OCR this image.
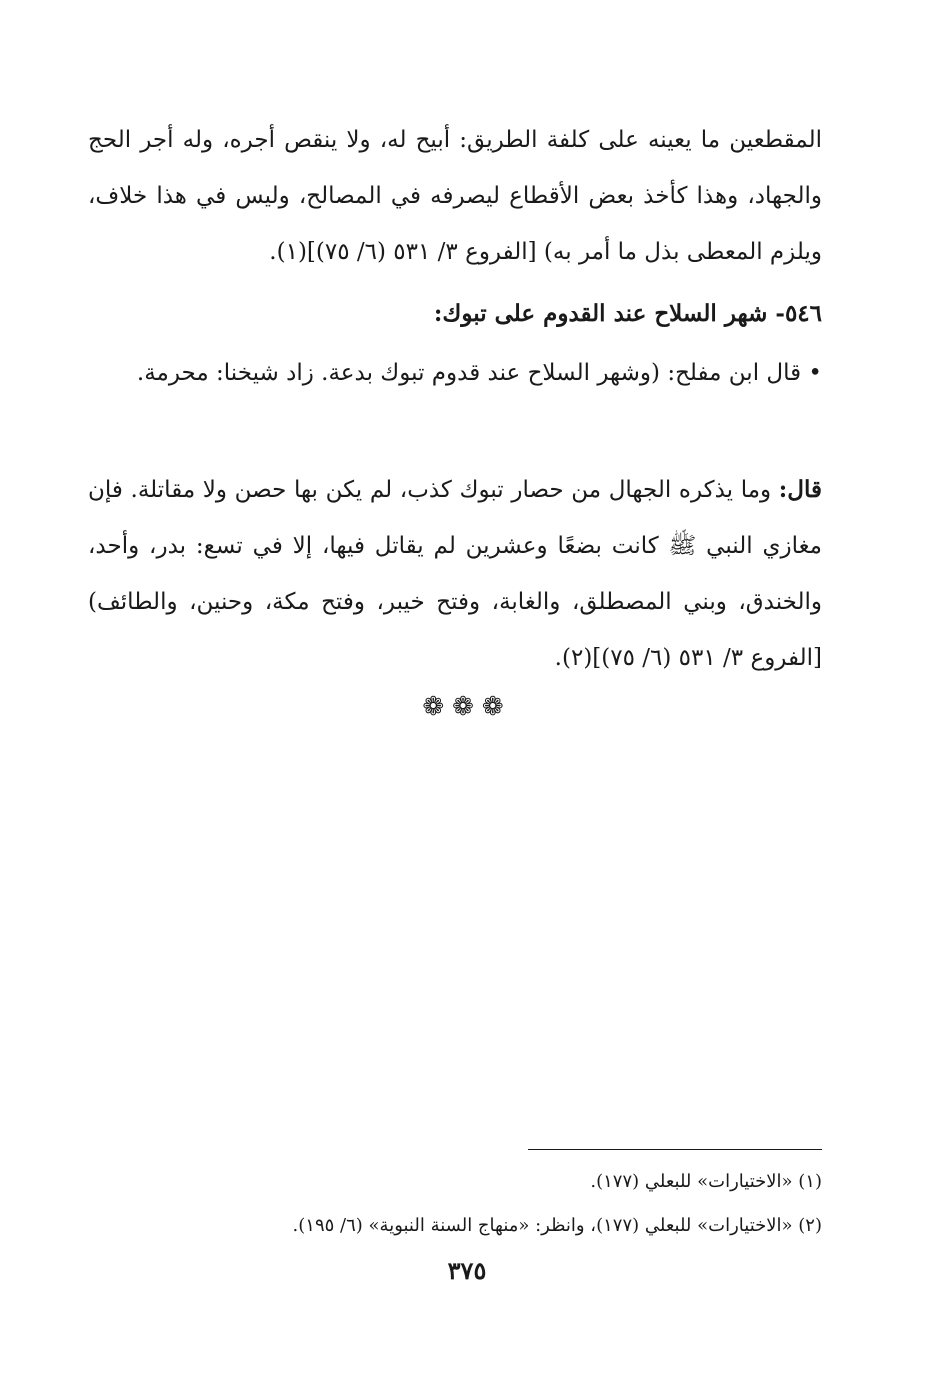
المقطعين ما يعينه على كلفة الطريق: أبيح له، ولا ينقص أجره، وله أجر الحج والجهاد، وهذا كأخذ بعض الأقطاع ليصرفه في المصالح، وليس في هذا خلاف، ويلزم المعطى بذل ما أمر به) [الفروع ٣/ ٥٣١ (٦/ ٧٥)](١).

٥٤٦- شهر السلاح عند القدوم على تبوك:

• قال ابن مفلح: (وشهر السلاح عند قدوم تبوك بدعة. زاد شيخنا: محرمة.

قال: وما يذكره الجهال من حصار تبوك كذب، لم يكن بها حصن ولا مقاتلة. فإن مغازي النبي ﷺ كانت بضعًا وعشرين لم يقاتل فيها، إلا في تسع: بدر، وأحد، والخندق، وبني المصطلق، والغابة، وفتح خيبر، وفتح مكة، وحنين، والطائف) [الفروع ٣/ ٥٣١ (٦/ ٧٥)](٢).

❁❁❁
(١) «الاختيارات» للبعلي (١٧٧).
(٢) «الاختيارات» للبعلي (١٧٧)، وانظر: «منهاج السنة النبوية» (٦/ ١٩٥).
٣٧٥
